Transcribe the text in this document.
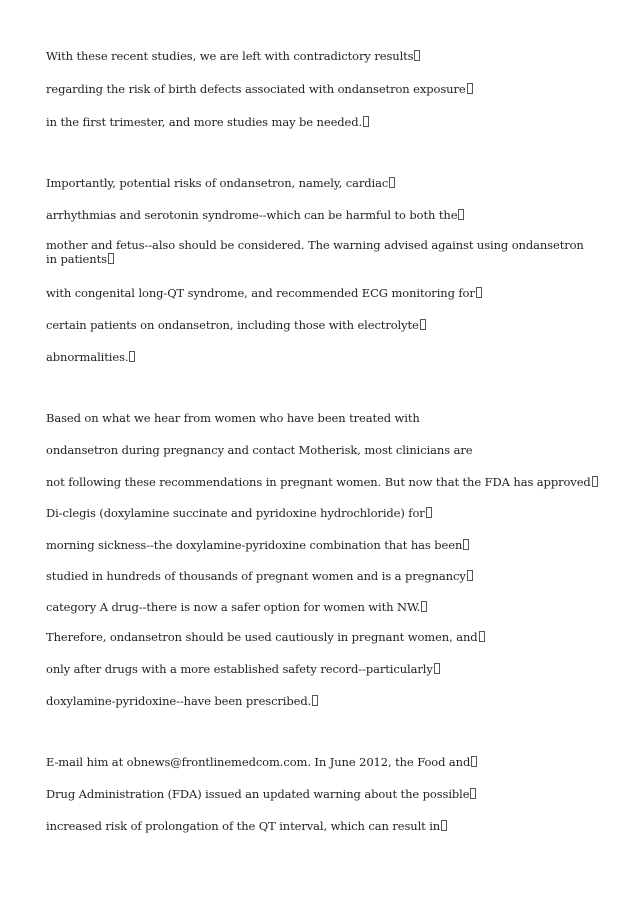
With these recent studies, we are left with contradictory results
regarding the risk of birth defects associated with ondansetron exposure
in the first trimester, and more studies may be needed.
Importantly, potential risks of ondansetron, namely, cardiac
arrhythmias and serotonin syndrome--which can be harmful to both the
mother and fetus--also should be considered. The warning advised against using ondansetron in patients
with congenital long-QT syndrome, and recommended ECG monitoring for
certain patients on ondansetron, including those with electrolyte
abnormalities.
Based on what we hear from women who have been treated with
ondansetron during pregnancy and contact Motherisk, most clinicians are
not following these recommendations in pregnant women. But now that the FDA has approved
Di-clegis (doxylamine succinate and pyridoxine hydrochloride) for
morning sickness--the doxylamine-pyridoxine combination that has been
studied in hundreds of thousands of pregnant women and is a pregnancy
category A drug--there is now a safer option for women with NW.
Therefore, ondansetron should be used cautiously in pregnant women, and
only after drugs with a more established safety record--particularly
doxylamine-pyridoxine--have been prescribed.
E-mail him at obnews@frontlinemedcom.com. In June 2012, the Food and
Drug Administration (FDA) issued an updated warning about the possible
increased risk of prolongation of the QT interval, which can result in
